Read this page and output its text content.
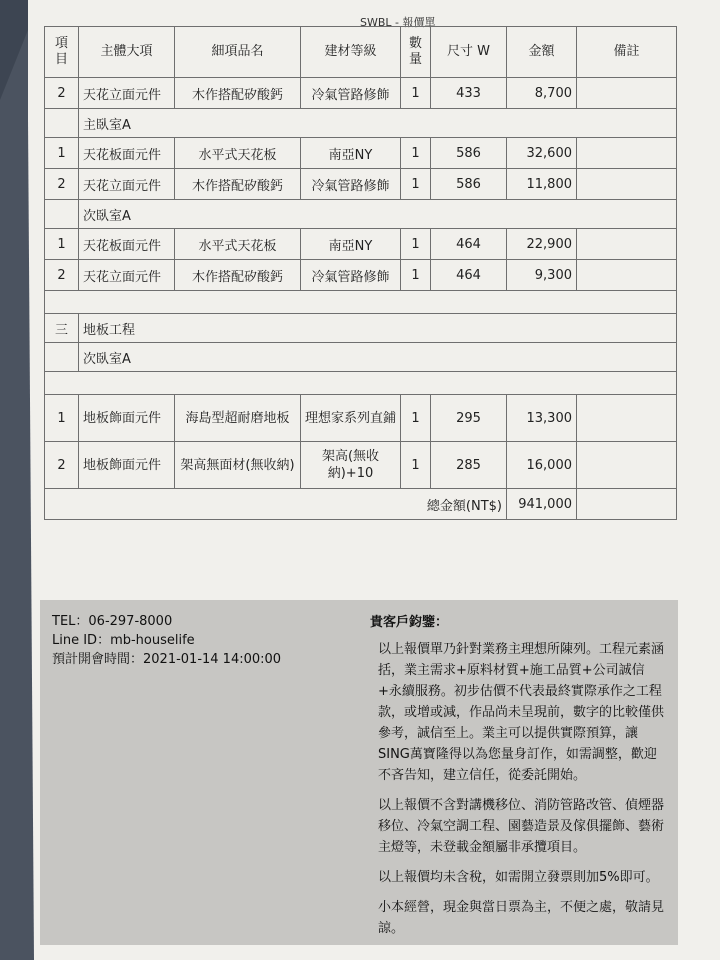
SWBL - 報價單
項目	主體大項	細項品名	建材等級	數量	尺寸 W	金額	備註
2	天花立面元件	木作搭配矽酸鈣	冷氣管路修飾	1	433	8,700	
	主臥室A						
1	天花板面元件	水平式天花板	南亞NY	1	586	32,600	
2	天花立面元件	木作搭配矽酸鈣	冷氣管路修飾	1	586	11,800	
	次臥室A						
1	天花板面元件	水平式天花板	南亞NY	1	464	22,900	
2	天花立面元件	木作搭配矽酸鈣	冷氣管路修飾	1	464	9,300	

三	地板工程						
	次臥室A						

1	地板飾面元件	海島型超耐磨地板	理想家系列直鋪	1	295	13,300	
2	地板飾面元件	架高無面材(無收納)	架高(無收納)+10	1	285	16,000	
總金額(NT$)						941,000	
TEL：06-297-8000
Line ID：mb-houselife
預計開會時間：2021-01-14 14:00:00

貴客戶鈞鑒：

以上報價單乃針對業務主理想所陳列。工程元素涵括，業主需求+原料材質+施工品質+公司誠信+永續服務。初步估價不代表最終實際承作之工程款，或增或減，作品尚未呈現前，數字的比較僅供參考，誠信至上。業主可以提供實際預算，讓SING萬寶隆得以為您量身訂作，如需調整，歡迎不吝告知，建立信任，從委託開始。

以上報價不含對講機移位、消防管路改管、偵煙器移位、冷氣空調工程、園藝造景及傢俱擺飾、藝術主燈等，未登載金額屬非承攬項目。

以上報價均未含稅，如需開立發票則加5%即可。

小本經營，現金與當日票為主，不便之處，敬請見諒。
